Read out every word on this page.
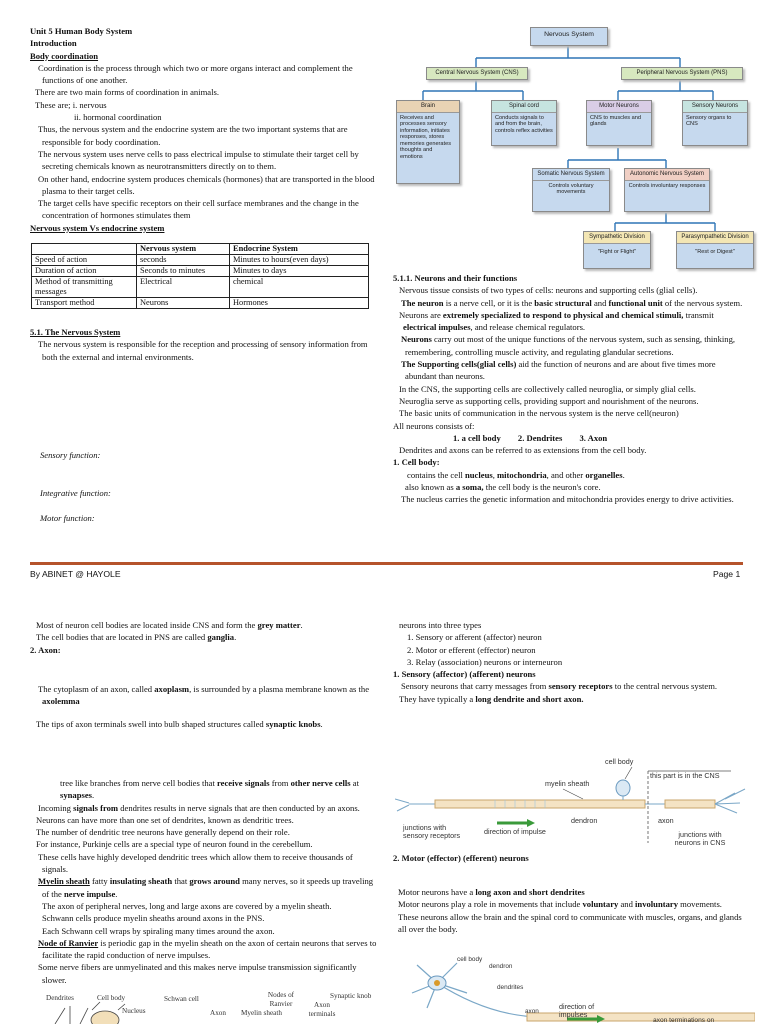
Unit 5 Human Body System

Introduction

Body coordination

Coordination is the process through which two or more organs interact and complement the functions of one another.

There are two main forms of coordination in animals.

These are; i. nervous

ii. hormonal coordination

Thus, the nervous system and the endocrine system are the two important systems that are responsible for body coordination.

The nervous system uses nerve cells to pass electrical impulse to stimulate their target cell by secreting chemicals known as neurotransmitters directly on to them.

On other hand, endocrine system produces chemicals (hormones) that are transported in the blood plasma to their target cells.

The target cells have specific receptors on their cell surface membranes and the change in the concentration of hormones stimulates them

Nervous system Vs endocrine system

	Nervous system	Endocrine System
Speed of action	seconds	Minutes to hours(even days)
Duration of action	Seconds to minutes	Minutes to days
Method of transmitting messages	Electrical	chemical
Transport method	Neurons	Hormones

5.1. The Nervous System

The nervous system is responsible for the reception and processing of sensory information from both the external and internal environments.

Sensory function:
Integrative function:
Motor function:
Nervous System
Central Nervous System (CNS)	Peripheral Nervous System (PNS)
Brain
Receives and processes sensory information, initiates responses, stores memories generates thoughts and emotions
Spinal cord
Conducts signals to and from the brain, controls reflex activities
Motor Neurons
CNS to muscles and glands
Sensory Neurons
Sensory organs to CNS
Somatic Nervous System
Controls voluntary movements
Autonomic Nervous System
Controls involuntary responses
Sympathetic Division
"Fight or Flight"
Parasympathetic Division
"Rest or Digest"

5.1.1. Neurons and their functions

Nervous tissue consists of two types of cells: neurons and supporting cells (glial cells).

The neuron is a nerve cell, or it is the basic structural and functional unit of the nervous system.

Neurons are extremely specialized to respond to physical and chemical stimuli, transmit electrical impulses, and release chemical regulators.

Neurons carry out most of the unique functions of the nervous system, such as sensing, thinking, remembering, controlling muscle activity, and regulating glandular secretions.

The Supporting cells(glial cells) aid the function of neurons and are about five times more abundant than neurons.

In the CNS, the supporting cells are collectively called neuroglia, or simply glial cells.

Neuroglia serve as supporting cells, providing support and nourishment of the neurons.

The basic units of communication in the nervous system is the nerve cell(neuron)

All neurons consists of:

1. a cell body        2. Dendrites        3. Axon

Dendrites and axons can be referred to as extensions from the cell body.

1. Cell body:

contains the cell nucleus, mitochondria, and other organelles.

also known as a soma, the cell body is the neuron's core.

The nucleus carries the genetic information and mitochondria provides energy to drive activities.

By ABINET @ HAYOLE	Page 1

Most of neuron cell bodies are located inside CNS and form the grey matter.

The cell bodies that are located in PNS are called ganglia.

2. Axon:

The cytoplasm of an axon, called axoplasm, is surrounded by a plasma membrane known as the axolemma

The tips of axon terminals swell into bulb shaped structures called synaptic knobs.

tree like branches from nerve cell bodies that receive signals from other nerve cells at synapses.

Incoming signals from dendrites results in nerve signals that are then conducted by an axons.

Neurons can have more than one set of dendrites, known as dendritic trees.

The number of dendritic tree neurons have generally depend on their role.

For instance, Purkinje cells are a special type of neuron found in the cerebellum.

These cells have highly developed dendritic trees which allow them to receive thousands of signals.

Myelin sheath fatty insulating sheath that grows around many nerves, so it speeds up traveling of the nerve impulse.

The axon of peripheral nerves, long and large axons are covered by a myelin sheath.

Schwann cells produce myelin sheaths around axons in the PNS.

Each Schwann cell wraps by spiraling many times around the axon.

Node of Ranvier is periodic gap in the myelin sheath on the axon of certain neurons that serves to facilitate the rapid conduction of nerve impulses.

Some nerve fibers are unmyelinated and this makes nerve impulse transmission significantly slower.

Dendrites	Cell body
Nucleus
Schwan cell
Axon Myelin sheath
Nodes of Ranvier	Axon terminals
Synaptic knob

neurons into three types

1. Sensory or afferent (affector) neuron

2. Motor or efferent (effector) neuron

3. Relay (association) neurons or interneuron

1. Sensory (affector) (afferent) neurons

Sensory neurons that carry messages from sensory receptors to the central nervous system.

They have typically a long dendrite and short axon.

cell body
myelin sheath
this part is in the CNS
dendron	axon
junctions with sensory receptors	direction of impulse	junctions with neurons in CNS

2. Motor (effector) (efferent) neurons

Motor neurons have a long axon and short dendrites

Motor neurons play a role in movements that include voluntary and involuntary movements.

These neurons allow the brain and the spinal cord to communicate with muscles, organs, and glands all over the body.

cell body
dendron
dendrites
axon
direction of impulses
axon terminations on
